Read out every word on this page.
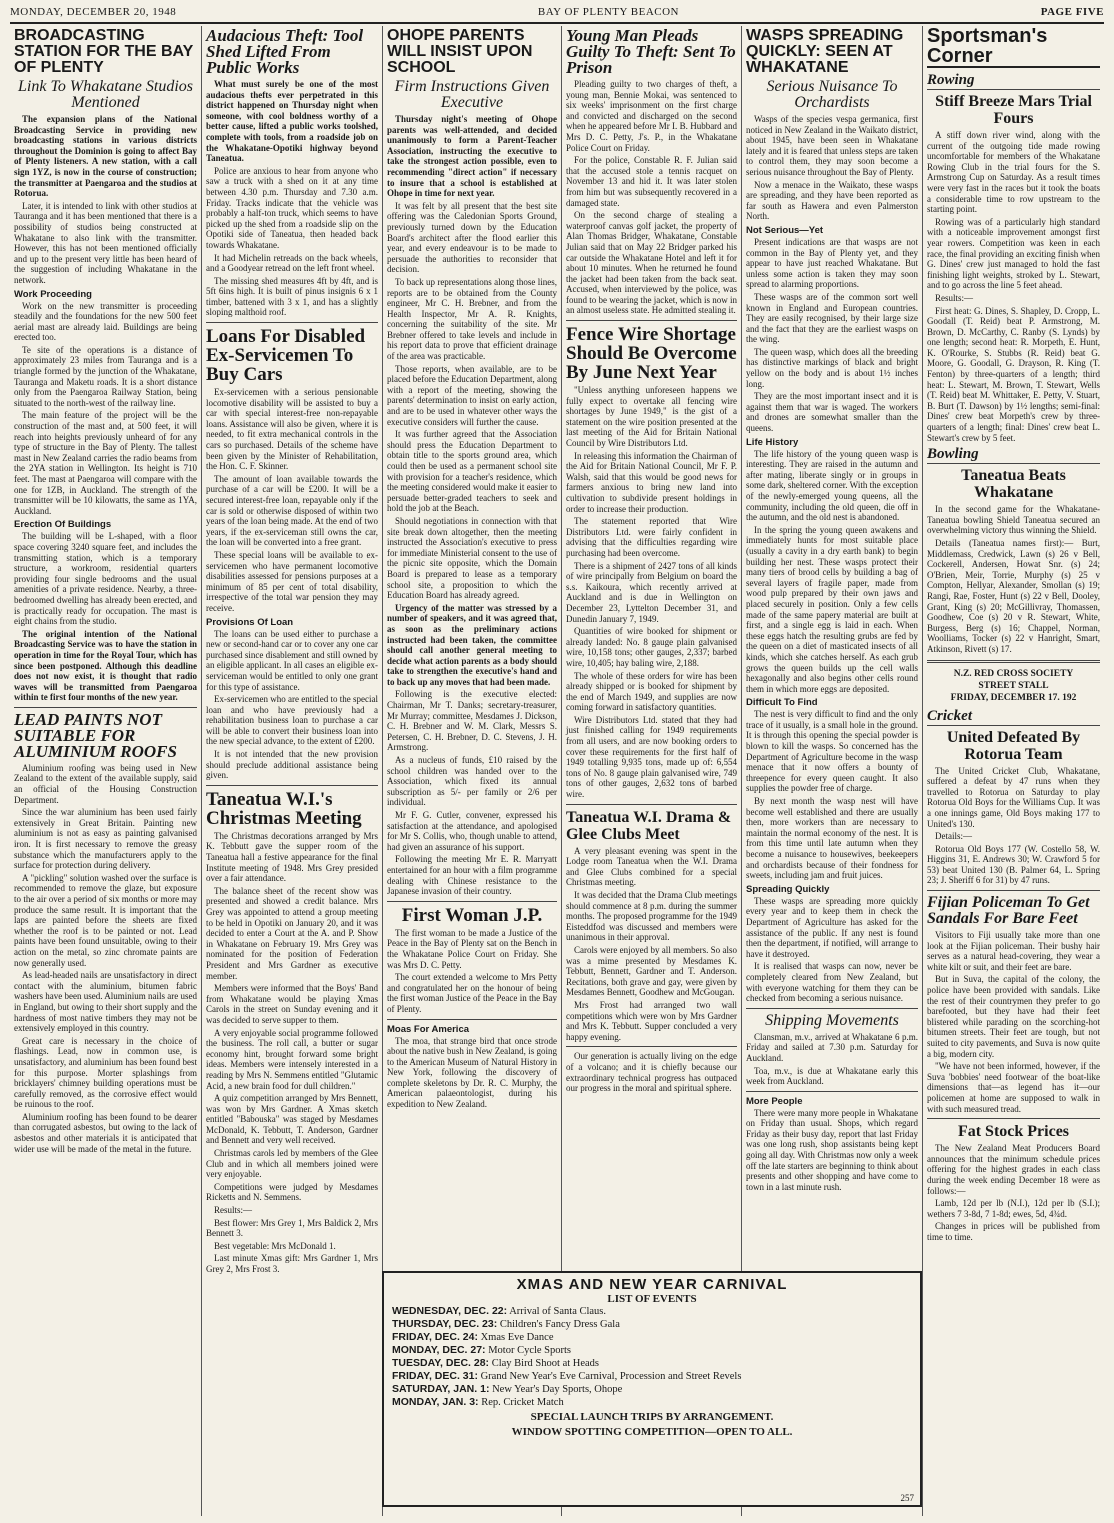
MONDAY, DECEMBER 20, 1948	BAY OF PLENTY BEACON	PAGE FIVE
BROADCASTING STATION FOR THE BAY OF PLENTY
Link To Whakatane Studios Mentioned

The expansion plans of the National Broadcasting Service in providing new broadcasting stations in various districts throughout the Dominion is going to affect Bay of Plenty listeners. A new station, with a call sign 1YZ, is now in the course of construction; the transmitter at Paengaroa and the studios at Rotorua.

Later, it is intended to link with other studios at Tauranga and it has been mentioned that there is a possibility of studios being constructed at Whakatane to also link with the transmitter. However, this has not been mentioned officially and up to the present very little has been heard of the suggestion of including Whakatane in the network.

Work Proceeding

Work on the new transmitter is proceeding steadily and the foundations for the new 500 feet aerial mast are already laid. Buildings are being erected too.

Te site of the operations is a distance of approximately 23 miles from Tauranga and is a triangle formed by the junction of the Whakatane, Tauranga and Maketu roads. It is a short distance only from the Paengaroa Railway Station, being situated to the north-west of the railway line.

The main feature of the project will be the construction of the mast and, at 500 feet, it will reach into heights previously unheard of for any type of structure in the Bay of Plenty. The tallest mast in New Zealand carries the radio beams from the 2YA station in Wellington. Its height is 710 feet. The mast at Paengaroa will compare with the one for 1ZB, in Auckland. The strength of the transmitter will be 10 kilowatts, the same as 1YA, Auckland.

Erection Of Buildings

The building will be L-shaped, with a floor space covering 3240 square feet, and includes the transmitting station, which is a temporary structure, a workroom, residential quarters providing four single bedrooms and the usual amenities of a private residence. Nearby, a three-bedroomed dwelling has already been erected, and is practically ready for occupation. The mast is eight chains from the studio.

The original intention of the National Broadcasting Service was to have the station in operation in time for the Royal Tour, which has since been postponed. Although this deadline does not now exist, it is thought that radio waves will be transmitted from Paengaroa within te first four months of the new year.

LEAD PAINTS NOT SUITABLE FOR ALUMINIUM ROOFS

Aluminium roofing was being used in New Zealand to the extent of the available supply, said an official of the Housing Construction Department.

Since the war aluminium has been used fairly extensively in Great Britain. Painting new aluminium is not as easy as painting galvanised iron. It is first necessary to remove the greasy substance which the manufacturers apply to the surface for protection during delivery.

A "pickling" solution washed over the surface is recommended to remove the glaze, but exposure to the air over a period of six months or more may produce the same result. It is important that the laps are painted before the sheets are fixed whether the roof is to be painted or not. Lead paints have been found unsuitable, owing to their action on the metal, so zinc chromate paints are now generally used.

As lead-headed nails are unsatisfactory in direct contact with the aluminium, bitumen fabric washers have been used. Aluminium nails are used in England, but owing to their short supply and the hardness of most native timbers they may not be extensively employed in this country.

Great care is necessary in the choice of flashings. Lead, now in common use, is unsatisfactory, and aluminium has been found best for this purpose. Morter splashings from bricklayers' chimney building operations must be carefully removed, as the corrosive effect would be ruinous to the roof.

Aluminium roofing has been found to be dearer than corrugated asbestos, but owing to the lack of asbestos and other materials it is anticipated that wider use will be made of the metal in the future.

Audacious Theft: Tool Shed Lifted From Public Works

What must surely be one of the most audacious thefts ever perpetrated in this district happened on Thursday night when someone, with cool boldness worthy of a better cause, lifted a public works toolshed, complete with tools, from a roadside job on the Whakatane-Opotiki highway beyond Taneatua.

Police are anxious to hear from anyone who saw a truck with a shed on it at any time between 4.30 p.m. Thursday and 7.30 a.m. Friday. Tracks indicate that the vehicle was probably a half-ton truck, which seems to have picked up the shed from a roadside slip on the Opotiki side of Taneatua, then headed back towards Whakatane.

It had Michelin retreads on the back wheels, and a Goodyear retread on the left front wheel.

The missing shed measures 4ft by 4ft, and is 5ft 6ins high. It is built of pinus insignis 6 x 1 timber, battened with 3 x 1, and has a slightly sloping malthoid roof.

Loans For Disabled Ex-Servicemen To Buy Cars

Ex-servicemen with a serious pensionable locomotive disability will be assisted to buy a car with special interest-free non-repayable loans. Assistance will also be given, where it is needed, to fit extra mechanical controls in the cars so purchased. Details of the scheme have been given by the Minister of Rehabilitation, the Hon. C. F. Skinner.

The amount of loan available towards the purchase of a car will be £200. It will be a secured interest-free loan, repayable only if the car is sold or otherwise disposed of within two years of the loan being made. At the end of two years, if the ex-serviceman still owns the car, the loan will be converted into a free grant.

These special loans will be available to ex-servicemen who have permanent locomotive disabilities assessed for pensions purposes at a minimum of 85 per cent of total disability, irrespective of the total war pension they may receive.

Provisions Of Loan

The loans can be used either to purchase a new or second-hand car or to cover any one car purchased since disablement and still owned by an eligible applicant. In all cases an eligible ex-serviceman would be entitled to only one grant for this type of assistance.

Ex-servicemen who are entitled to the special loan and who have previously had a rehabilitation business loan to purchase a car will be able to convert their business loan into the new special advance, to the extent of £200.

It is not intended that the new provision should preclude additional assistance being given.

Taneatua W.I.'s Christmas Meeting

The Christmas decorations arranged by Mrs K. Tebbutt gave the supper room of the Taneatua hall a festive appearance for the final Institute meeting of 1948. Mrs Grey presided over a fair attendance.

The balance sheet of the recent show was presented and showed a credit balance. Mrs Grey was appointed to attend a group meeting to be held in Opotiki on January 20, and it was decided to enter a Court at the A. and P. Show in Whakatane on February 19. Mrs Grey was nominated for the position of Federation President and Mrs Gardner as executive member.

Members were informed that the Boys' Band from Whakatane would be playing Xmas Carols in the street on Sunday evening and it was decided to serve supper to them.

A very enjoyable social programme followed the business. The roll call, a butter or sugar economy hint, brought forward some bright ideas. Members were intensely interested in a reading by Mrs N. Semmens entitled "Glutamic Acid, a new brain food for dull children."

A quiz competition arranged by Mrs Bennett, was won by Mrs Gardner. A Xmas sketch entitled "Babouska" was staged by Mesdames McDonald, K. Tebbutt, T. Anderson, Gardner and Bennett and very well received.

Christmas carols led by members of the Glee Club and in which all members joined were very enjoyable.

Competitions were judged by Mesdames Ricketts and N. Semmens.

Results:—

Best flower: Mrs Grey 1, Mrs Baldick 2, Mrs Bennett 3.

Best vegetable: Mrs McDonald 1.

Last minute Xmas gift: Mrs Gardner 1, Mrs Grey 2, Mrs Frost 3.

OHOPE PARENTS WILL INSIST UPON SCHOOL
Firm Instructions Given Executive

Thursday night's meeting of Ohope parents was well-attended, and decided unanimously to form a Parent-Teacher Association, instructing the executive to take the strongest action possible, even to recommending "direct action" if necessary to insure that a school is established at Ohope in time for next year.

It was felt by all present that the best site offering was the Caledonian Sports Ground, previously turned down by the Education Board's architect after the flood earlier this year, and every endeavour is to be made to persuade the authorities to reconsider that decision.

To back up representations along those lines, reports are to be obtained from the County engineer, Mr C. H. Brebner, and from the Health Inspector, Mr A. R. Knights, concerning the suitability of the site. Mr Brebner offered to take levels and include in his report data to prove that efficient drainage of the area was practicable.

Those reports, when available, are to be placed before the Education Department, along with a report of the meeting, showing the parents' determination to insist on early action, and are to be used in whatever other ways the executive considers will further the cause.

It was further agreed that the Association should press the Education Department to obtain title to the sports ground area, which could then be used as a permanent school site with provision for a teacher's residence, which the meeting considered would make it easier to persuade better-graded teachers to seek and hold the job at the Beach.

Should negotiations in connection with that site break down altogether, then the meeting instructed the Association's executive to press for immediate Ministerial consent to the use of the picnic site opposite, which the Domain Board is prepared to lease as a temporary school site, a proposition to which the Education Board has already agreed.

Urgency of the matter was stressed by a number of speakers, and it was agreed that, as soon as the preliminary actions instructed had been taken, the committee should call another general meeting to decide what action parents as a body should take to strengthen the executive's hand and to back up any moves that had been made.

Following is the executive elected: Chairman, Mr T. Danks; secretary-treasurer, Mr Murray; committee, Mesdames J. Dickson, C. H. Brebner and W. M. Clark, Messrs S. Petersen, C. H. Brebner, D. C. Stevens, J. H. Armstrong.

As a nucleus of funds, £10 raised by the school children was handed over to the Association, which fixed its annual subscription as 5/- per family or 2/6 per individual.

Mr F. G. Cutler, convener, expressed his satisfaction at the attendance, and apologised for Mr S. Collis, who, though unable to attend, had given an assurance of his support.

Following the meeting Mr E. R. Marryatt entertained for an hour with a film programme dealing with Chinese resistance to the Japanese invasion of their country.

First Woman J.P.

The first woman to be made a Justice of the Peace in the Bay of Plenty sat on the Bench in the Whakatane Police Court on Friday. She was Mrs D. C. Petty.

The court extended a welcome to Mrs Petty and congratulated her on the honour of being the first woman Justice of the Peace in the Bay of Plenty.

Moas For America

The moa, that strange bird that once strode about the native bush in New Zealand, is going to the American Museum of Natural History in New York, following the discovery of complete skeletons by Dr. R. C. Murphy, the American palaeontologist, during his expedition to New Zealand.

Young Man Pleads Guilty To Theft: Sent To Prison

Pleading guilty to two charges of theft, a young man, Bennie Mokai, was sentenced to six weeks' imprisonment on the first charge and convicted and discharged on the second when he appeared before Mr I. B. Hubbard and Mrs D. C. Petty, J's. P., in the Whakatane Police Court on Friday.

For the police, Constable R. F. Julian said that the accused stole a tennis racquet on November 13 and hid it. It was later stolen from him but was subsequently recovered in a damaged state.

On the second charge of stealing a waterproof canvas golf jacket, the property of Alan Thomas Bridger, Whakatane, Constable Julian said that on May 22 Bridger parked his car outside the Whakatane Hotel and left it for about 10 minutes. When he returned he found the jacket had been taken from the back seat. Accused, when interviewed by the police, was found to be wearing the jacket, which is now in an almost useless state. He admitted stealing it.

Fence Wire Shortage Should Be Overcome By June Next Year

"Unless anything unforeseen happens we fully expect to overtake all fencing wire shortages by June 1949," is the gist of a statement on the wire position presented at the last meeting of the Aid for Britain National Council by Wire Distributors Ltd.

In releasing this information the Chairman of the Aid for Britain National Council, Mr F. P. Walsh, said that this would be good news for farmers anxious to bring new land into cultivation to subdivide present holdings in order to increase their production.

The statement reported that Wire Distributors Ltd. were fairly confident in advising that the difficulties regarding wire purchasing had been overcome.

There is a shipment of 2427 tons of all kinds of wire principally from Belgium on board the s.s. Kaikoura, which recently arrived at Auckland and is due in Wellington on December 23, Lyttelton December 31, and Dunedin January 7, 1949.

Quantities of wire booked for shipment or already landed: No. 8 gauge plain galvanised wire, 10,158 tons; other gauges, 2,337; barbed wire, 10,405; hay baling wire, 2,188.

The whole of these orders for wire has been already shipped or is booked for shipment by the end of March 1949, and supplies are now coming forward in satisfactory quantities.

Wire Distributors Ltd. stated that they had just finished calling for 1949 requirements from all users, and are now booking orders to cover these requirements for the first half of 1949 totalling 9,935 tons, made up of: 6,554 tons of No. 8 gauge plain galvanised wire, 749 tons of other gauges, 2,632 tons of barbed wire.

Taneatua W.I. Drama & Glee Clubs Meet

A very pleasant evening was spent in the Lodge room Taneatua when the W.I. Drama and Glee Clubs combined for a special Christmas meeting.

It was decided that the Drama Club meetings should commence at 8 p.m. during the summer months. The proposed programme for the 1949 Eisteddfod was discussed and members were unanimous in their approval.

Carols were enjoyed by all members. So also was a mime presented by Mesdames K. Tebbutt, Bennett, Gardner and T. Anderson. Recitations, both grave and gay, were given by Mesdames Bennett, Goodhew and McGougan.

Mrs Frost had arranged two wall competitions which were won by Mrs Gardner and Mrs K. Tebbutt. Supper concluded a very happy evening.

Our generation is actually living on the edge of a volcano; and it is chiefly because our extraordinary technical progress has outpaced our progress in the moral and spiritual sphere.

WASPS SPREADING QUICKLY: SEEN AT WHAKATANE
Serious Nuisance To Orchardists

Wasps of the species vespa germanica, first noticed in New Zealand in the Waikato district, about 1945, have been seen in Whakatane lately and it is feared that unless steps are taken to control them, they may soon become a serious nuisance throughout the Bay of Plenty.

Now a menace in the Waikato, these wasps are spreading, and they have been reported as far south as Hawera and even Palmerston North.

Not Serious—Yet

Present indications are that wasps are not common in the Bay of Plenty yet, and they appear to have just reached Whakatane. But unless some action is taken they may soon spread to alarming proportions.

These wasps are of the common sort well known in England and European countries. They are easily recognised, by their large size and the fact that they are the earliest wasps on the wing.

The queen wasp, which does all the breeding has distinctive markings of black and bright yellow on the body and is about 1½ inches long.

They are the most important insect and it is against them that war is waged. The workers and drones are somewhat smaller than the queens.

Life History

The life history of the young queen wasp is interesting. They are raised in the autumn and after mating, liberate singly or in groups in some dark, sheltered corner. With the exception of the newly-emerged young queens, all the community, including the old queen, die off in the autumn, and the old nest is abandoned.

In the spring the young queen awakens and immediately hunts for most suitable place (usually a cavity in a dry earth bank) to begin building her nest. These wasps protect their many tiers of brood cells by building a bag of several layers of fragile paper, made from wood pulp prepared by their own jaws and placed securely in position. Only a few cells made of the same papery material are built at first, and a single egg is laid in each. When these eggs hatch the resulting grubs are fed by the queen on a diet of masticated insects of all kinds, which she catches herself. As each grub grows the queen builds up the cell walls hexagonally and also begins other cells round them in which more eggs are deposited.

Difficult To Find

The nest is very difficult to find and the only trace of it usually, is a small hole in the ground. It is through this opening the special powder is blown to kill the wasps. So concerned has the Department of Agriculture become in the wasp menace that it now offers a bounty of threepence for every queen caught. It also supplies the powder free of charge.

By next month the wasp nest will have become well established and there are usually then, more workers than are necessary to maintain the normal economy of the nest. It is from this time until late autumn when they become a nuisance to housewives, beekeepers and orchardists because of their fondness for sweets, including jam and fruit juices.

Spreading Quickly

These wasps are spreading more quickly every year and to keep them in check the Department of Agriculture has asked for the assistance of the public. If any nest is found then the department, if notified, will arrange to have it destroyed.

It is realised that wasps can now, never be completely cleared from New Zealand, but with everyone watching for them they can be checked from becoming a serious nuisance.

Shipping Movements

Clansman, m.v., arrived at Whakatane 6 p.m. Friday and sailed at 7.30 p.m. Saturday for Auckland.

Toa, m.v., is due at Whakatane early this week from Auckland.

More People

There were many more people in Whakatane on Friday than usual. Shops, which regard Friday as their busy day, report that last Friday was one long rush, shop assistants being kept going all day. With Christmas now only a week off the late starters are beginning to think about presents and other shopping and have come to town in a last minute rush.

Sportsman's Corner
Rowing
Stiff Breeze Mars Trial Fours

A stiff down river wind, along with the current of the outgoing tide made rowing uncomfortable for members of the Whakatane Rowing Club in the trial fours for the S. Armstrong Cup on Saturday. As a result times were very fast in the races but it took the boats a considerable time to row upstream to the starting point.

Rowing was of a particularly high standard with a noticeable improvement amongst first year rowers. Competition was keen in each race, the final providing an exciting finish when G. Dines' crew just managed to hold the fast finishing light weights, stroked by L. Stewart, and to go across the line 5 feet ahead.

Results:—

First heat: G. Dines, S. Shapley, D. Cropp, L. Goodall (T. Reid) beat P. Armstrong, M. Brown, D. McCarthy, C. Ranby (S. Lynds) by one length; second heat: R. Morpeth, E. Hunt, K. O'Rourke, S. Stubbs (R. Reid) beat G. Moore, G. Goodall, G. Drayson, R. King (T. Fenton) by three-quarters of a length; third heat: L. Stewart, M. Brown, T. Stewart, Wells (T. Reid) beat M. Whittaker, E. Petty, V. Stuart, B. Burt (T. Dawson) by 1½ lengths; semi-final: Dines' crew beat Morpeth's crew by three-quarters of a length; final: Dines' crew beat L. Stewart's crew by 5 feet.

Bowling
Taneatua Beats Whakatane

In the second game for the Whakatane-Taneatua bowling Shield Taneatua secured an overwhelming victory thus winning the Shield.

Details (Taneatua names first):— Burt, Middlemass, Credwick, Lawn (s) 26 v Bell, Cockerell, Andersen, Howat Snr. (s) 24; O'Brien, Meir, Torrie, Murphy (s) 25 v Compton, Hellyar, Alexander, Smollan (s) 19; Rangi, Rae, Foster, Hunt (s) 22 v Bell, Dooley, Grant, King (s) 20; McGillivray, Thomassen, Goodhew, Coe (s) 20 v R. Stewart, White, Burgess, Berg (s) 16; Chappel, Norman, Woolliams, Tocker (s) 22 v Hanright, Smart, Atkinson, Rivett (s) 17.

N.Z. RED CROSS SOCIETY
STREET STALL
FRIDAY, DECEMBER 17. 192
Cricket
United Defeated By Rotorua Team

The United Cricket Club, Whakatane, suffered a defeat by 47 runs when they travelled to Rotorua on Saturday to play Rotorua Old Boys for the Williams Cup. It was a one innings game, Old Boys making 177 to United's 130.

Details:—

Rotorua Old Boys 177 (W. Costello 58, W. Higgins 31, E. Andrews 30; W. Crawford 5 for 53) beat United 130 (B. Palmer 64, L. Spring 23; J. Sheriff 6 for 31) by 47 runs.

Fijian Policeman To Get Sandals For Bare Feet

Visitors to Fiji usually take more than one look at the Fijian policeman. Their bushy hair serves as a natural head-covering, they wear a white kilt or suit, and their feet are bare.

But in Suva, the capital of the colony, the police have been provided with sandals. Like the rest of their countrymen they prefer to go barefooted, but they have had their feet blistered while parading on the scorching-hot bitumen streets. Their feet are tough, but not suited to city pavements, and Suva is now quite a big, modern city.

"We have not been informed, however, if the Suva 'bobbies' need footwear of the boat-like dimensions that—as legend has it—our policemen at home are supposed to walk in with such measured tread.

Fat Stock Prices

The New Zealand Meat Producers Board announces that the minimum schedule prices offering for the highest grades in each class during the week ending December 18 were as follows:—

Lamb, 12d per lb (N.I.), 12d per lb (S.I.); wethers 7 3-8d, 7 1-8d; ewes, 5d, 4¾d.

Changes in prices will be published from time to time.

XMAS AND NEW YEAR CARNIVAL
LIST OF EVENTS
WEDNESDAY, DEC. 22: Arrival of Santa Claus.
THURSDAY, DEC. 23: Children's Fancy Dress Gala
FRIDAY, DEC. 24: Xmas Eve Dance
MONDAY, DEC. 27: Motor Cycle Sports
TUESDAY, DEC. 28: Clay Bird Shoot at Heads
FRIDAY, DEC. 31: Grand New Year's Eve Carnival, Procession and Street Revels
SATURDAY, JAN. 1: New Year's Day Sports, Ohope
MONDAY, JAN. 3: Rep. Cricket Match
SPECIAL LAUNCH TRIPS BY ARRANGEMENT.
WINDOW SPOTTING COMPETITION—OPEN TO ALL.
257
